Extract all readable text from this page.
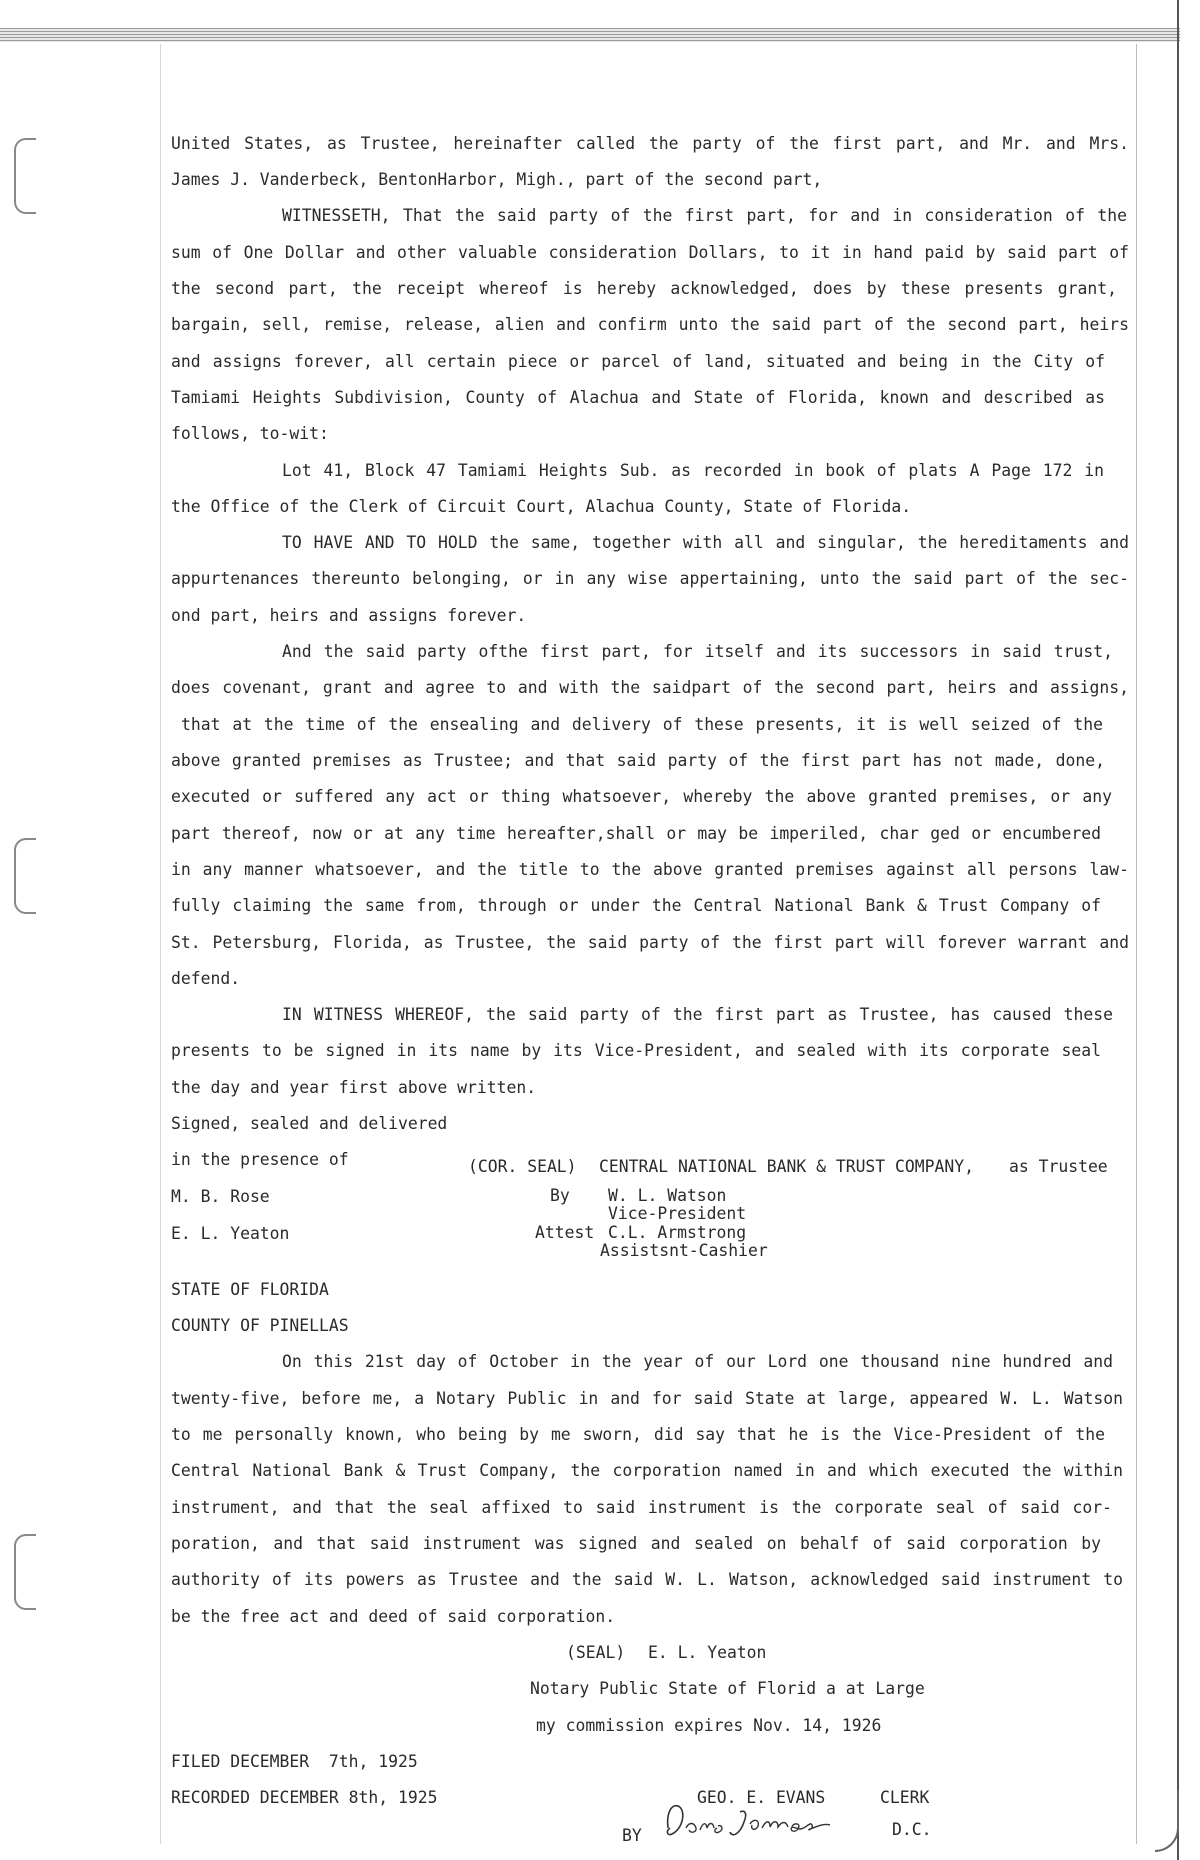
United States, as Trustee, hereinafter called the party of the first part, and Mr. and Mrs.
James J. Vanderbeck, BentonHarbor, Migh., part of the second part,
WITNESSETH, That the said party of the first part, for and in consideration of the
sum of One Dollar and other valuable consideration Dollars, to it in hand paid by said part of
the second part, the receipt whereof is hereby acknowledged, does by these presents grant,
bargain, sell, remise, release, alien and confirm unto the said part of the second part, heirs
and assigns forever, all certain piece or parcel of land, situated and being in the City of
Tamiami Heights Subdivision, County of Alachua and State of Florida, known and described as
follows, to-wit:
Lot 41, Block 47 Tamiami Heights Sub. as recorded in book of plats A Page 172 in
the Office of the Clerk of Circuit Court, Alachua County, State of Florida.
TO HAVE AND TO HOLD the same, together with all and singular, the hereditaments and
appurtenances thereunto belonging, or in any wise appertaining, unto the said part of the sec-
ond part, heirs and assigns forever.
And the said party ofthe first part, for itself and its successors in said trust,
does covenant, grant and agree to and with the saidpart of the second part, heirs and assigns,
that at the time of the ensealing and delivery of these presents, it is well seized of the
above granted premises as Trustee; and that said party of the first part has not made, done,
executed or suffered any act or thing whatsoever, whereby the above granted premises, or any
part thereof, now or at any time hereafter,shall or may be imperiled, char ged or encumbered
in any manner whatsoever, and the title to the above granted premises against all persons law-
fully claiming the same from, through or under the Central National Bank & Trust Company of
St. Petersburg, Florida, as Trustee, the said party of the first part will forever warrant and
defend.
IN WITNESS WHEREOF, the said party of the first part as Trustee, has caused these
presents to be signed in its name by its Vice-President, and sealed with its corporate seal
the day and year first above written.
Signed, sealed and delivered
in the presence of	(COR. SEAL) CENTRAL NATIONAL BANK & TRUST COMPANY, as Trustee
M. B. Rose
E. L. Yeaton
By W. L. Watson
Vice-President
Attest C.L. Armstrong
Assistsnt-Cashier
STATE OF FLORIDA
COUNTY OF PINELLAS
On this 21st day of October in the year of our Lord one thousand nine hundred and
twenty-five, before me, a Notary Public in and for said State at large, appeared W. L. Watson
to me personally known, who being by me sworn, did say that he is the Vice-President of the
Central National Bank & Trust Company, the corporation named in and which executed the within
instrument, and that the seal affixed to said instrument is the corporate seal of said cor-
poration, and that said instrument was signed and sealed on behalf of said corporation by
authority of its powers as Trustee and the said W. L. Watson, acknowledged said instrument to
be the free act and deed of said corporation.
(SEAL) E. L. Yeaton
Notary Public State of Florid a at Large
my commission expires Nov. 14, 1926
FILED DECEMBER  7th, 1925
RECORDED DECEMBER 8th, 1925	GEO. E. EVANS	CLERK
BY	D.C.
